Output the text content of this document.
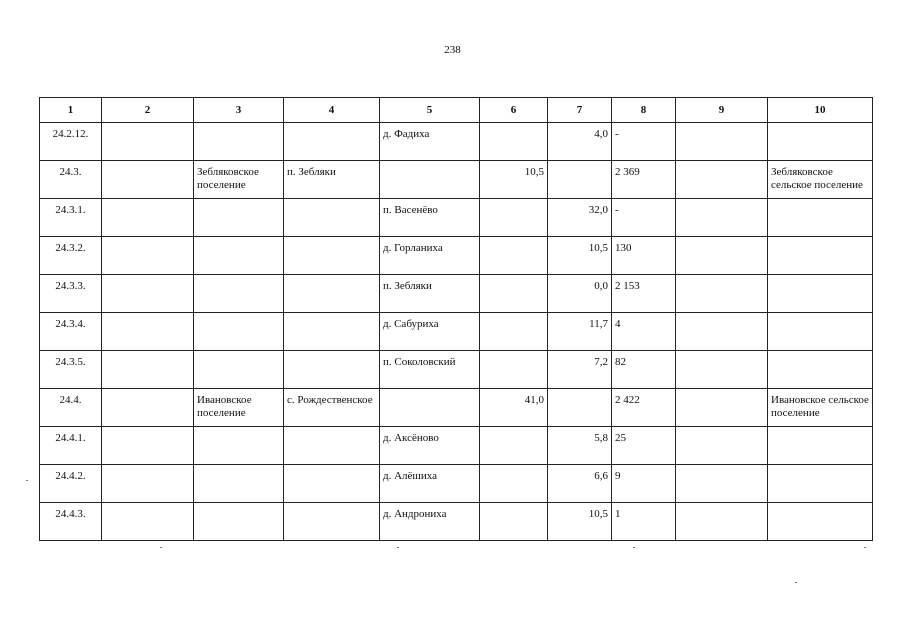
238
1	2	3	4	5	6	7	8	9	10
24.2.12.				д. Фадиха		4,0	-		
24.3.		Зебляковское поселение	п. Зебляки		10,5		2 369		Зебляковское сельское поселение
24.3.1.				п. Васенёво		32,0	-		
24.3.2.				д. Горланиха		10,5	130		
24.3.3.				п. Зебляки		0,0	2 153		
24.3.4.				д. Сабуриха		11,7	4		
24.3.5.				п. Соколовский		7,2	82		
24.4.		Ивановское поселение	с. Рождественское		41,0		2 422		Ивановское сельское поселение
24.4.1.				д. Аксёново		5,8	25		
24.4.2.				д. Алёшиха		6,6	9		
24.4.3.				д. Андрониха		10,5	1		
